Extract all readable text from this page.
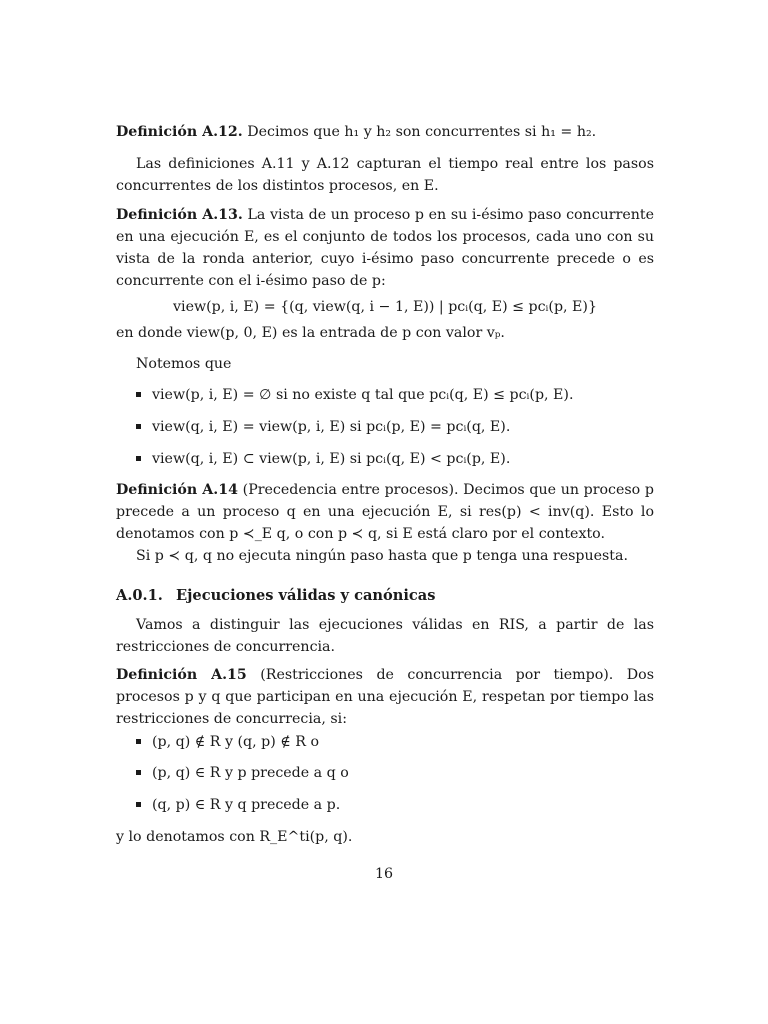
Definición A.12. Decimos que h₁ y h₂ son concurrentes si h₁ = h₂.
Las definiciones A.11 y A.12 capturan el tiempo real entre los pasos concurrentes de los distintos procesos, en E.
Definición A.13. La vista de un proceso p en su i-ésimo paso concurrente en una ejecución E, es el conjunto de todos los procesos, cada uno con su vista de la ronda anterior, cuyo i-ésimo paso concurrente precede o es concurrente con el i-ésimo paso de p:
view(p, i, E) = {(q, view(q, i − 1, E)) | pcᵢ(q, E) ≤ pcᵢ(p, E)}
en donde view(p, 0, E) es la entrada de p con valor vₚ.
Notemos que
view(p, i, E) = ∅ si no existe q tal que pcᵢ(q, E) ≤ pcᵢ(p, E).
view(q, i, E) = view(p, i, E) si pcᵢ(p, E) = pcᵢ(q, E).
view(q, i, E) ⊂ view(p, i, E) si pcᵢ(q, E) < pcᵢ(p, E).
Definición A.14 (Precedencia entre procesos). Decimos que un proceso p precede a un proceso q en una ejecución E, si res(p) < inv(q). Esto lo denotamos con p ≺_E q, o con p ≺ q, si E está claro por el contexto.
Si p ≺ q, q no ejecuta ningún paso hasta que p tenga una respuesta.
A.0.1. Ejecuciones válidas y canónicas
Vamos a distinguir las ejecuciones válidas en RIS, a partir de las restricciones de concurrencia.
Definición A.15 (Restricciones de concurrencia por tiempo). Dos procesos p y q que participan en una ejecución E, respetan por tiempo las restricciones de concurrecia, si:
(p, q) ∉ R y (q, p) ∉ R o
(p, q) ∈ R y p precede a q o
(q, p) ∈ R y q precede a p.
y lo denotamos con R_E^ti(p, q).
16
